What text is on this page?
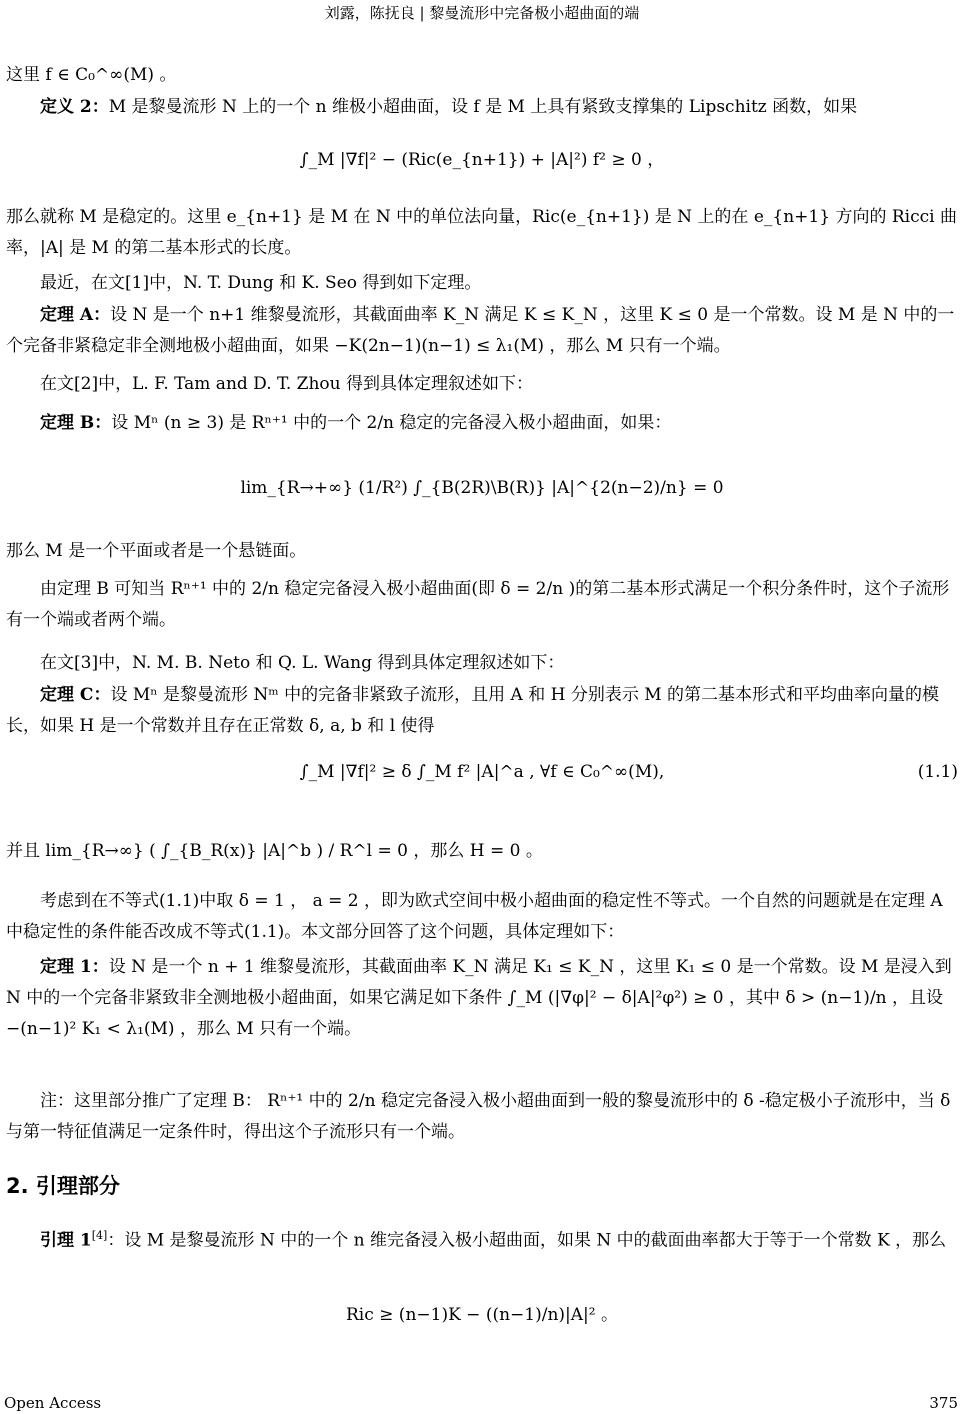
刘露，陈抚良 | 黎曼流形中完备极小超曲面的端
这里 f ∈ C₀^∞(M) 。
定义 2：M 是黎曼流形 N 上的一个 n 维极小超曲面，设 f 是 M 上具有紧致支撑集的 Lipschitz 函数，如果
∫_M |∇f|² − (Ric(e_{n+1}) + |A|²) f² ≥ 0 ，
那么就称 M 是稳定的。这里 e_{n+1} 是 M 在 N 中的单位法向量，Ric(e_{n+1}) 是 N 上的在 e_{n+1} 方向的 Ricci 曲率，|A| 是 M 的第二基本形式的长度。
最近，在文[1]中，N. T. Dung 和 K. Seo 得到如下定理。
定理 A：设 N 是一个 n+1 维黎曼流形，其截面曲率 K_N 满足 K ≤ K_N ，这里 K ≤ 0 是一个常数。设 M 是 N 中的一个完备非紧稳定非全测地极小超曲面，如果 −K(2n−1)(n−1) ≤ λ₁(M) ，那么 M 只有一个端。
在文[2]中，L. F. Tam and D. T. Zhou 得到具体定理叙述如下：
定理 B：设 Mⁿ (n ≥ 3) 是 Rⁿ⁺¹ 中的一个 2/n 稳定的完备浸入极小超曲面，如果：
lim_{R→+∞} (1/R²) ∫_{B(2R)\B(R)} |A|^{2(n−2)/n} = 0
那么 M 是一个平面或者是一个悬链面。
由定理 B 可知当 Rⁿ⁺¹ 中的 2/n 稳定完备浸入极小超曲面(即 δ = 2/n )的第二基本形式满足一个积分条件时，这个子流形有一个端或者两个端。
在文[3]中，N. M. B. Neto 和 Q. L. Wang 得到具体定理叙述如下：
定理 C：设 Mⁿ 是黎曼流形 Nᵐ 中的完备非紧致子流形，且用 A 和 H 分别表示 M 的第二基本形式和平均曲率向量的模长，如果 H 是一个常数并且存在正常数 δ, a, b 和 l 使得
∫_M |∇f|² ≥ δ ∫_M f² |A|^a , ∀f ∈ C₀^∞(M),	(1.1)
并且 lim_{R→∞} ( ∫_{B_R(x)} |A|^b ) / R^l = 0 ，那么 H = 0 。
考虑到在不等式(1.1)中取 δ = 1 ， a = 2 ，即为欧式空间中极小超曲面的稳定性不等式。一个自然的问题就是在定理 A 中稳定性的条件能否改成不等式(1.1)。本文部分回答了这个问题，具体定理如下：
定理 1：设 N 是一个 n + 1 维黎曼流形，其截面曲率 K_N 满足 K₁ ≤ K_N ，这里 K₁ ≤ 0 是一个常数。设 M 是浸入到 N 中的一个完备非紧致非全测地极小超曲面，如果它满足如下条件 ∫_M (|∇φ|² − δ|A|²φ²) ≥ 0 ，其中 δ > (n−1)/n ，且设 −(n−1)² K₁ < λ₁(M) ，那么 M 只有一个端。
注：这里部分推广了定理 B： Rⁿ⁺¹ 中的 2/n 稳定完备浸入极小超曲面到一般的黎曼流形中的 δ -稳定极小子流形中，当 δ 与第一特征值满足一定条件时，得出这个子流形只有一个端。
2. 引理部分
引理 1[4]：设 M 是黎曼流形 N 中的一个 n 维完备浸入极小超曲面，如果 N 中的截面曲率都大于等于一个常数 K ，那么
Ric ≥ (n−1)K − ((n−1)/n)|A|² 。
Open Access	375
